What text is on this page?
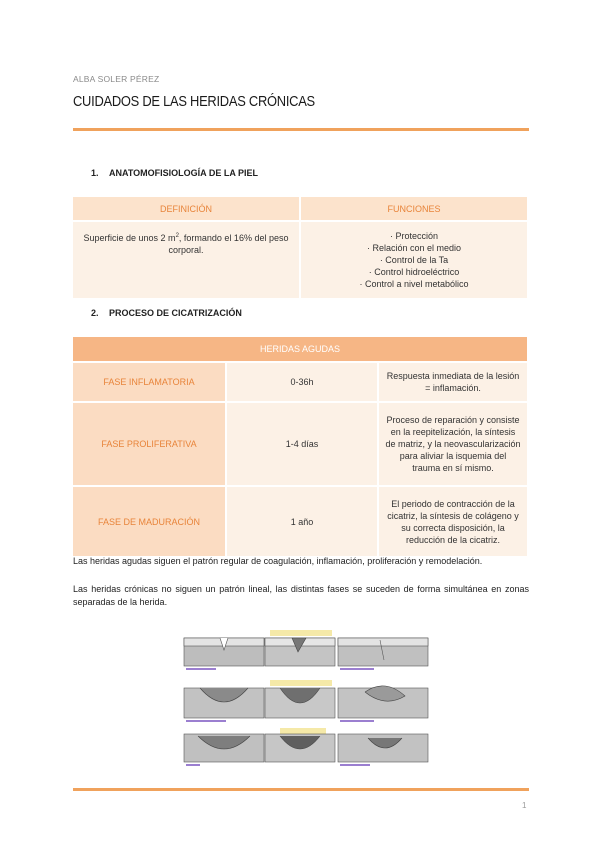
ALBA SOLER PÉREZ
CUIDADOS DE LAS HERIDAS CRÓNICAS
1. ANATOMOFISIOLOGÍA DE LA PIEL
DEFINICIÓN	FUNCIONES
Superficie de unos 2 $m^2$, formando el 16% del peso corporal.	· Protección
· Relación con el medio
· Control de la Ta
· Control hidroeléctrico
· Control a nivel metabólico
2. PROCESO DE CICATRIZACIÓN
HERIDAS AGUDAS		
FASE INFLAMATORIA	0-36h	Respuesta inmediata de la lesión = inflamación.
FASE PROLIFERATIVA	1-4 días	Proceso de reparación y consiste en la reepitelización, la síntesis de matriz, y la neovascularización para aliviar la isquemia del trauma en sí mismo.
FASE DE MADURACIÓN	1 año	El periodo de contracción de la cicatriz, la síntesis de colágeno y su correcta disposición, la reducción de la cicatriz.
Las heridas agudas siguen el patrón regular de coagulación, inflamación, proliferación y remodelación.
Las heridas crónicas no siguen un patrón lineal, las distintas fases se suceden de forma simultánea en zonas separadas de la herida.
1
